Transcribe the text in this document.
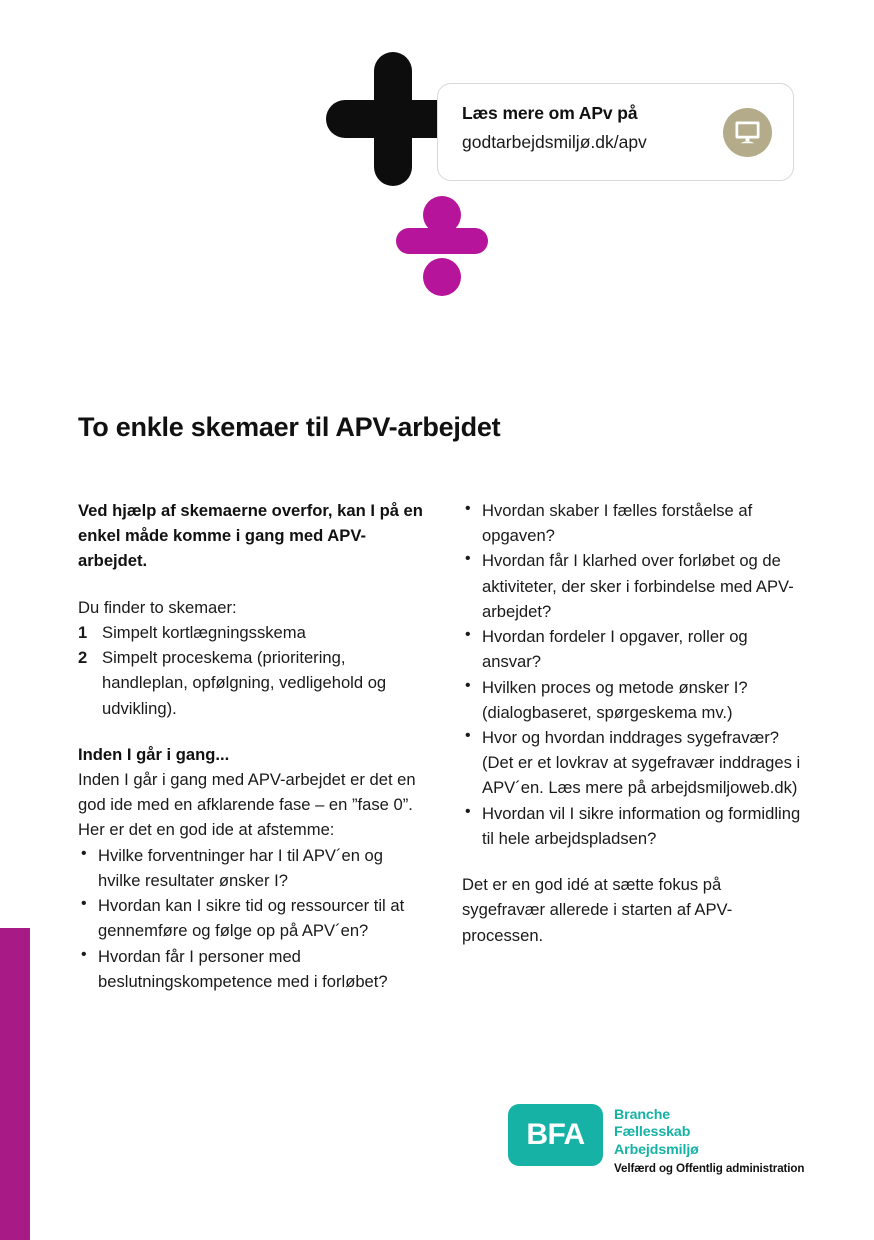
Læs mere om APv på
godtarbejdsmiljø.dk/apv
To enkle skemaer til APV-arbejdet

Ved hjælp af skemaerne overfor, kan I på en enkel måde komme i gang med APV-arbejdet.

Du finder to skemaer:

1 Simpelt kortlægningsskema
2 Simpelt proceskema (prioritering, handleplan, opfølgning, vedligehold og udvikling).

Inden I går i gang...

Inden I går i gang med APV-arbejdet er det en god ide med en afklarende fase – en ”fase 0”. Her er det en god ide at afstemme:

• Hvilke forventninger har I til APV´en og hvilke resultater ønsker I?
• Hvordan kan I sikre tid og ressourcer til at gennemføre og følge op på APV´en?
• Hvordan får I personer med beslutningskompetence med i forløbet?
• Hvordan skaber I fælles forståelse af opgaven?
• Hvordan får I klarhed over forløbet og de aktiviteter, der sker i forbindelse med APV-arbejdet?
• Hvordan fordeler I opgaver, roller og ansvar?
• Hvilken proces og metode ønsker I? (dialogbaseret, spørgeskema mv.)
• Hvor og hvordan inddrages sygefravær? (Det er et lovkrav at sygefravær inddrages i APV´en. Læs mere på arbejdsmiljoweb.dk)
• Hvordan vil I sikre information og formidling til hele arbejdspladsen?

Det er en god idé at sætte fokus på sygefravær allerede i starten af APV-processen.

BFA
Branche
Fællesskab
Arbejdsmiljø
Velfærd og Offentlig administration
